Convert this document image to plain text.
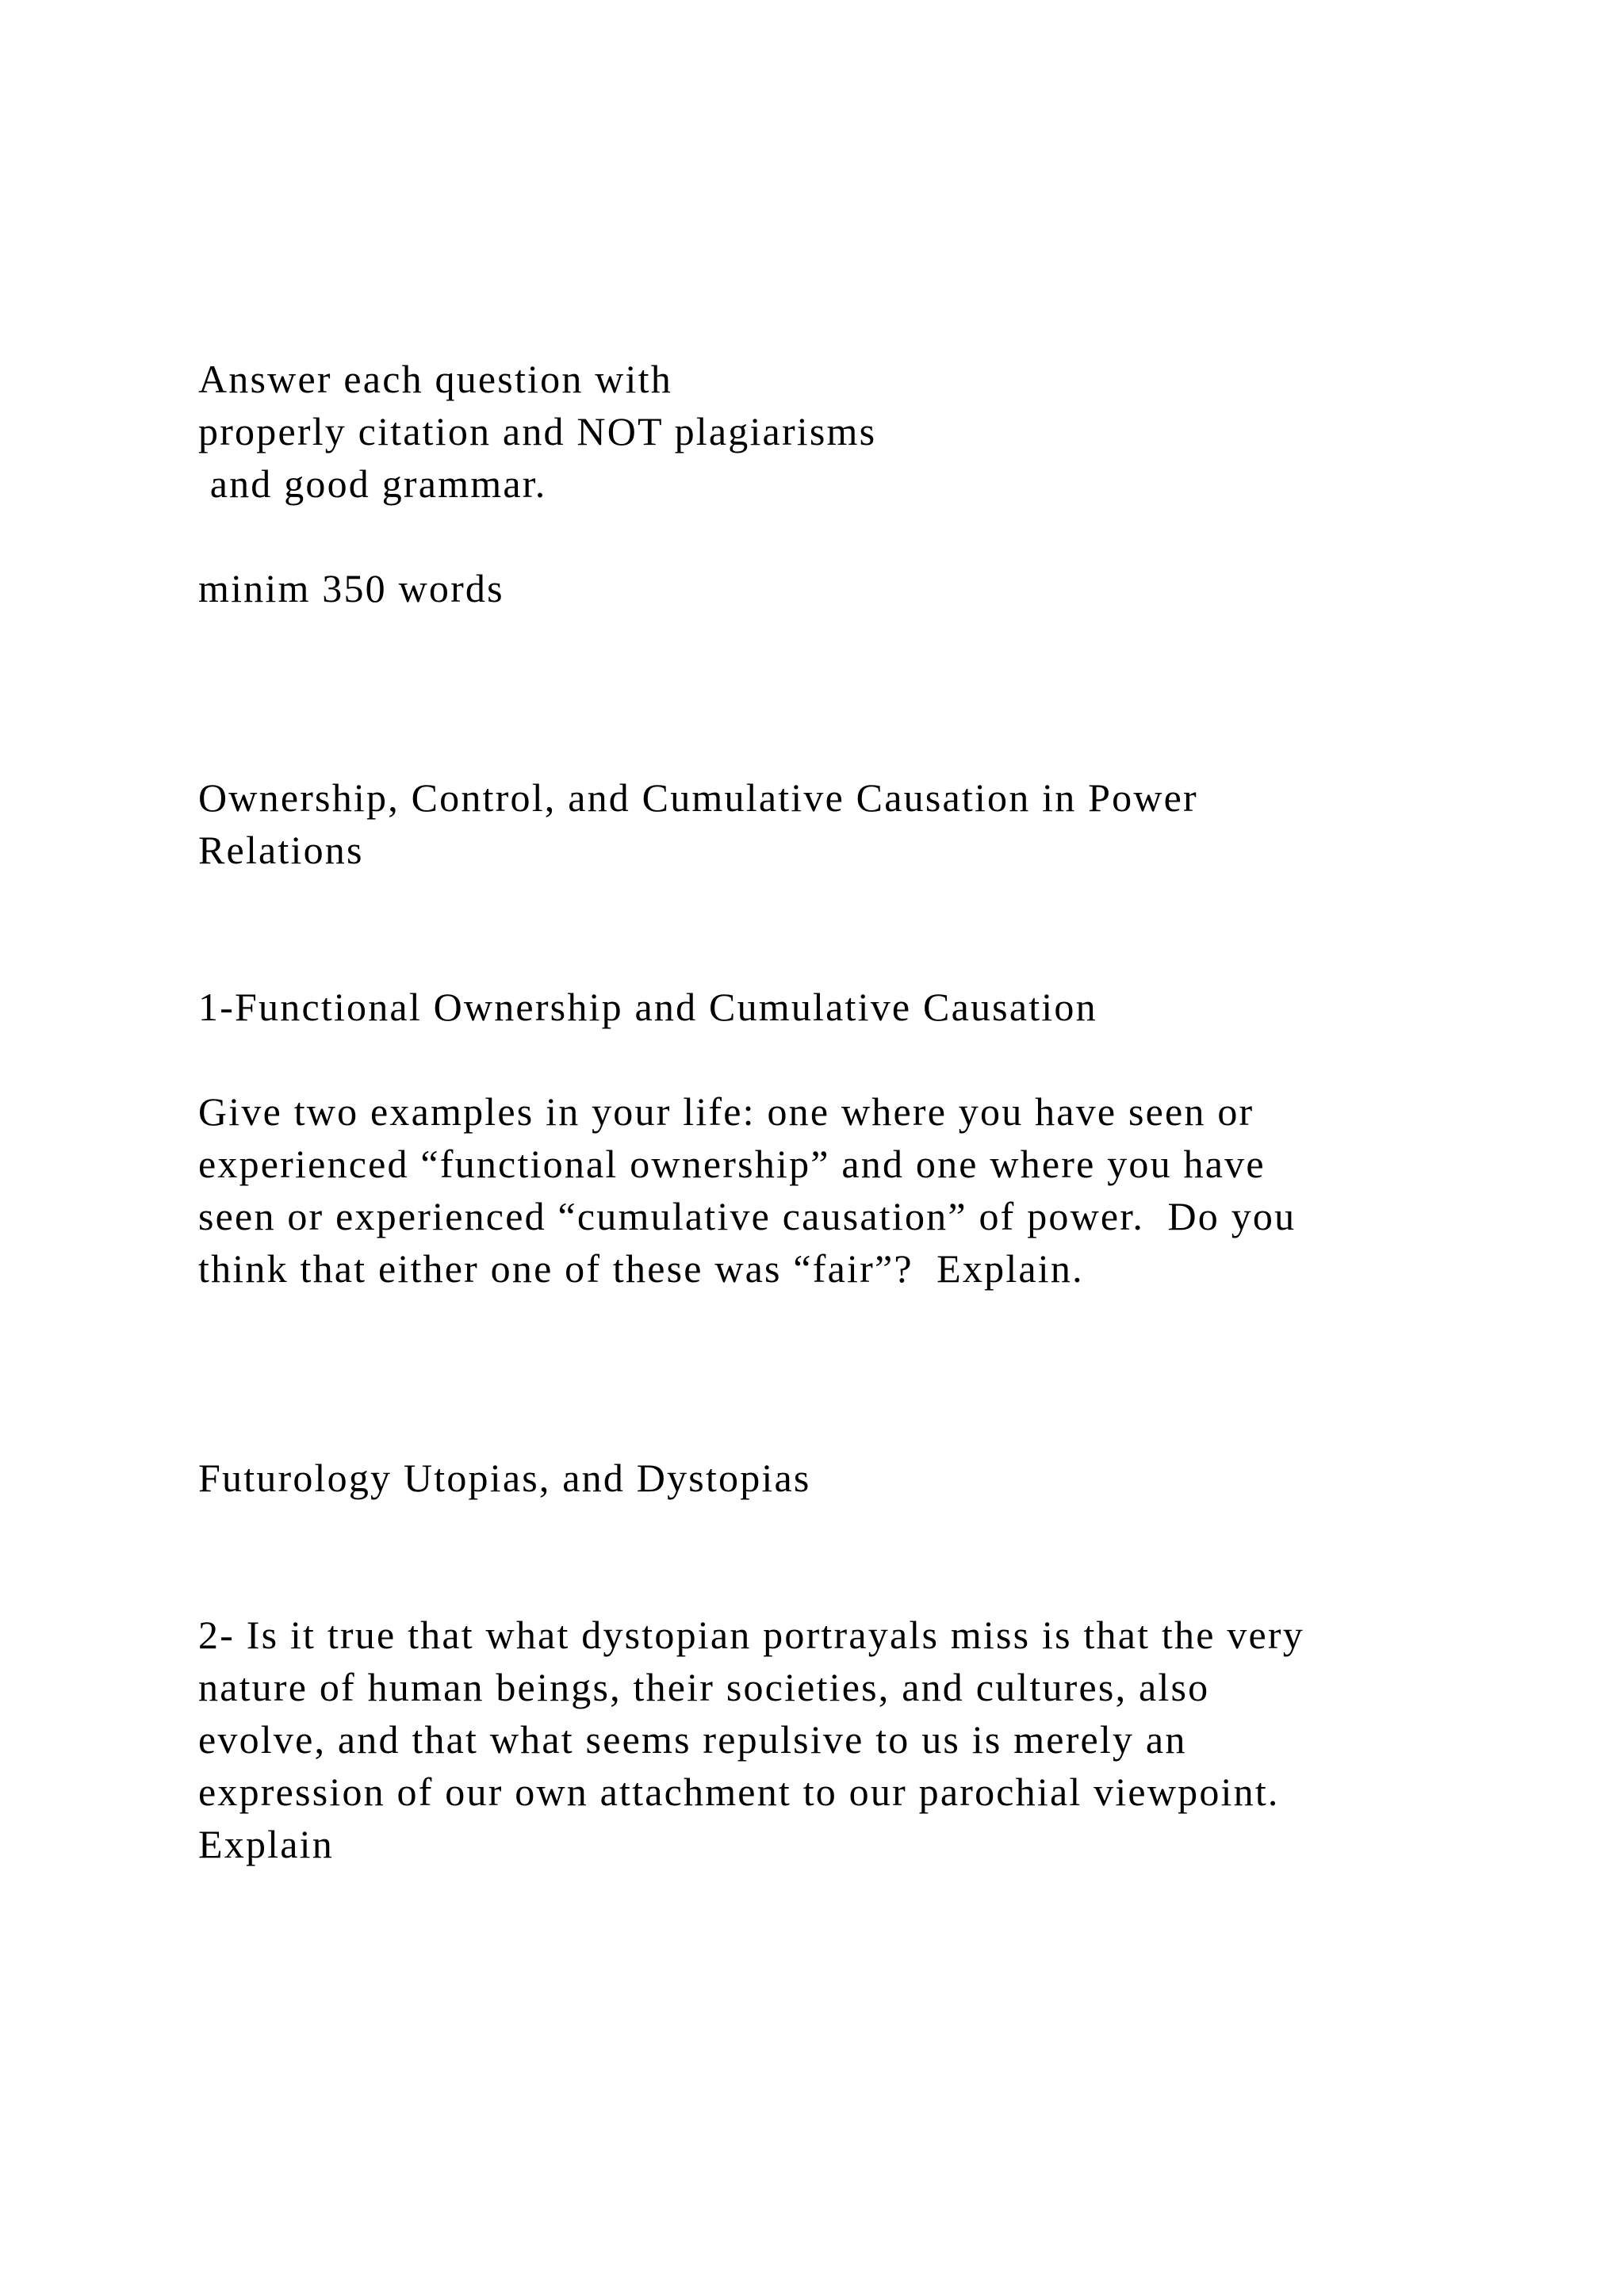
Answer each question with
properly citation and NOT plagiarisms
and good grammar.
minim 350 words
Ownership, Control, and Cumulative Causation in Power
Relations
1-Functional Ownership and Cumulative Causation
Give two examples in your life: one where you have seen or
experienced “functional ownership” and one where you have
seen or experienced “cumulative causation” of power.  Do you
think that either one of these was “fair”?  Explain.
Futurology Utopias, and Dystopias
2- Is it true that what dystopian portrayals miss is that the very
nature of human beings, their societies, and cultures, also
evolve, and that what seems repulsive to us is merely an
expression of our own attachment to our parochial viewpoint.
Explain
